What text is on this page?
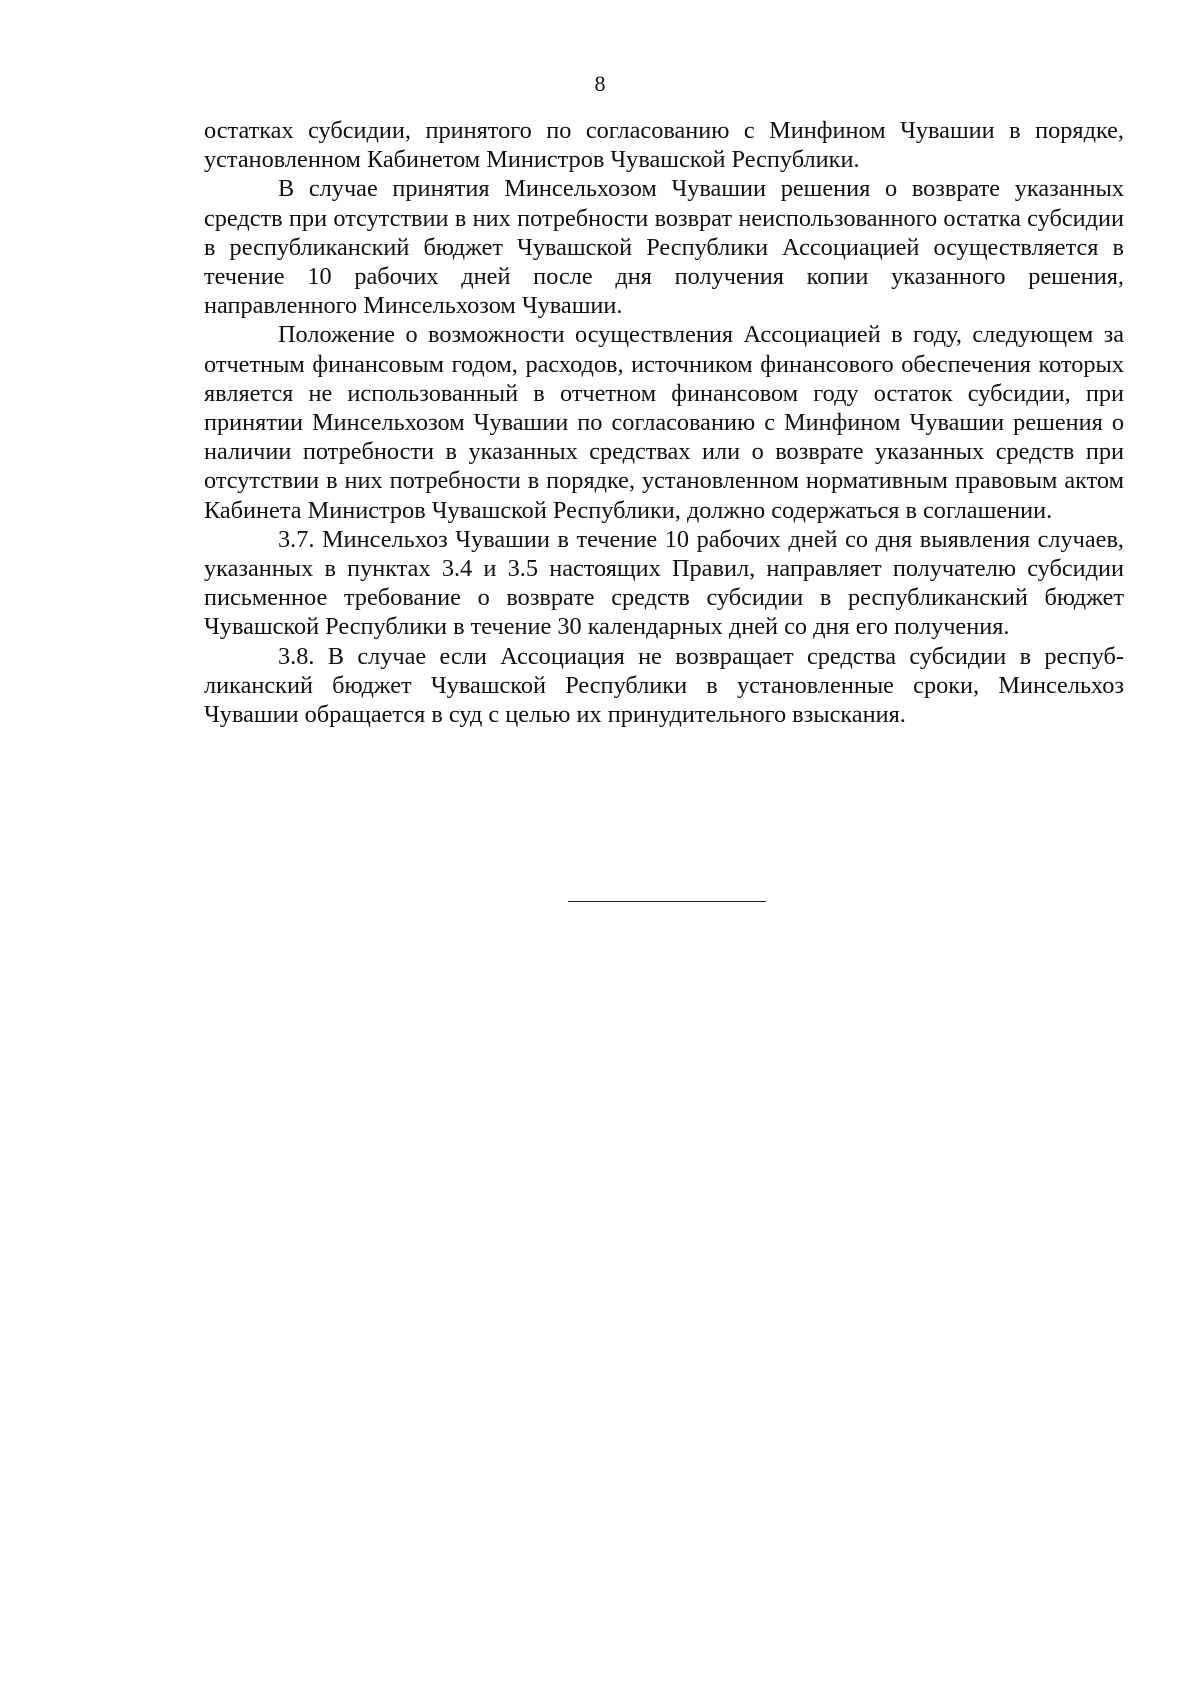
8

остатках субсидии, принятого по согласованию с Минфином Чувашии в порядке, установленном Кабинетом Министров Чувашской Республики.

В случае принятия Минсельхозом Чувашии решения о возврате указанных средств при отсутствии в них потребности возврат неиспользованного остатка субсидии в республиканский бюджет Чувашской Республики Ассоциацией осуществляется в течение 10 рабочих дней после дня получения копии указанного решения, направленного Минсельхозом Чувашии.

Положение о возможности осуществления Ассоциацией в году, следующем за отчетным финансовым годом, расходов, источником финансового обеспечения которых является не использованный в отчетном финансовом году остаток субсидии, при принятии Минсельхозом Чувашии по согласованию с Минфином Чувашии решения о наличии потребности в указанных средствах или о возврате указанных средств при отсутствии в них потребности в порядке, установленном нормативным правовым актом Кабинета Министров Чувашской Республики, должно содержаться в соглашении.

3.7. Минсельхоз Чувашии в течение 10 рабочих дней со дня выявления случаев, указанных в пунктах 3.4 и 3.5 настоящих Правил, направляет получателю субсидии письменное требование о возврате средств субсидии в республиканский бюджет Чувашской Республики в течение 30 календарных дней со дня его получения.

3.8. В случае если Ассоциация не возвращает средства субсидии в республиканский бюджет Чувашской Республики в установленные сроки, Минсельхоз Чувашии обращается в суд с целью их принудительного взыскания.
